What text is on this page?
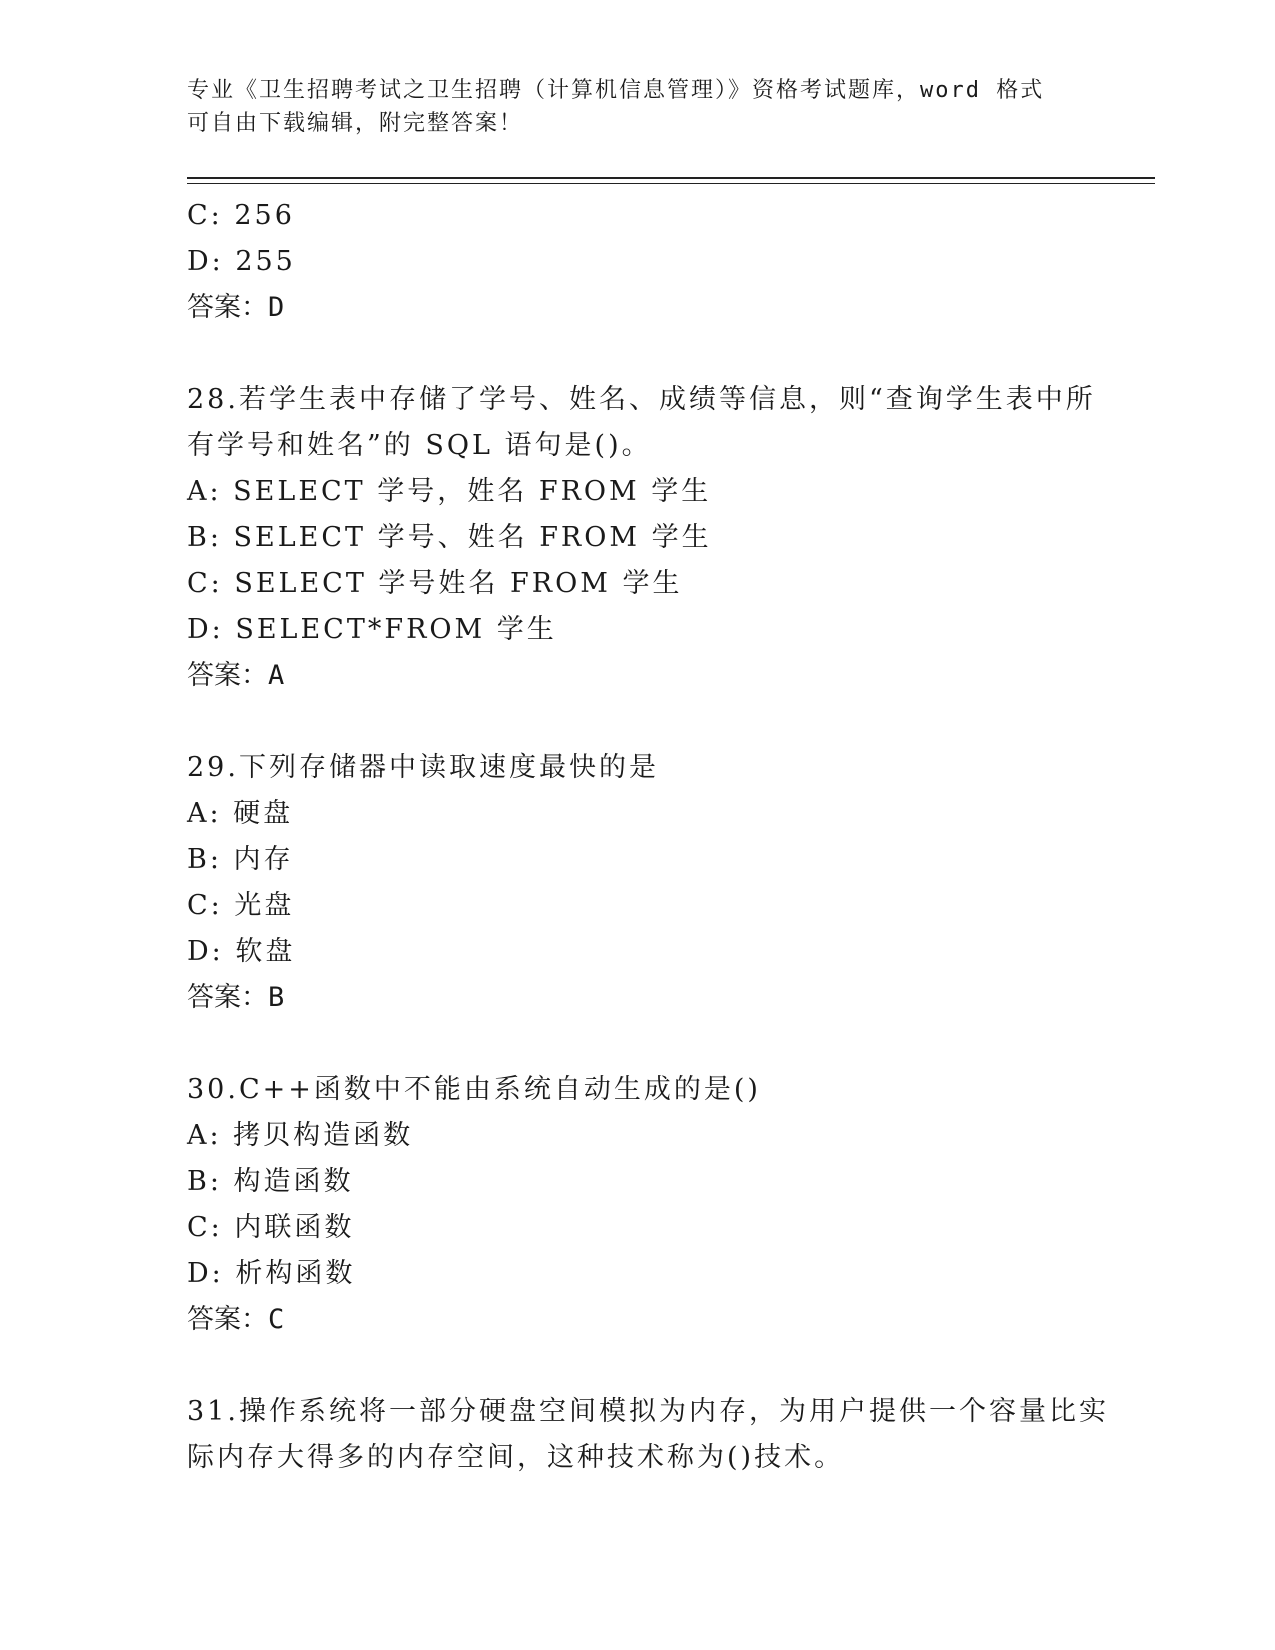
专业《卫生招聘考试之卫生招聘（计算机信息管理）》资格考试题库，word 格式
可自由下载编辑，附完整答案！
C: 256
D: 255
答案：D
28.若学生表中存储了学号、姓名、成绩等信息，则“查询学生表中所
有学号和姓名”的 SQL 语句是()。
A: SELECT 学号，姓名 FROM 学生
B: SELECT 学号、姓名 FROM 学生
C: SELECT 学号姓名 FROM 学生
D: SELECT*FROM 学生
答案：A
29.下列存储器中读取速度最快的是
A: 硬盘
B: 内存
C: 光盘
D: 软盘
答案：B
30.C++函数中不能由系统自动生成的是()
A: 拷贝构造函数
B: 构造函数
C: 内联函数
D: 析构函数
答案：C
31.操作系统将一部分硬盘空间模拟为内存，为用户提供一个容量比实
际内存大得多的内存空间，这种技术称为()技术。
